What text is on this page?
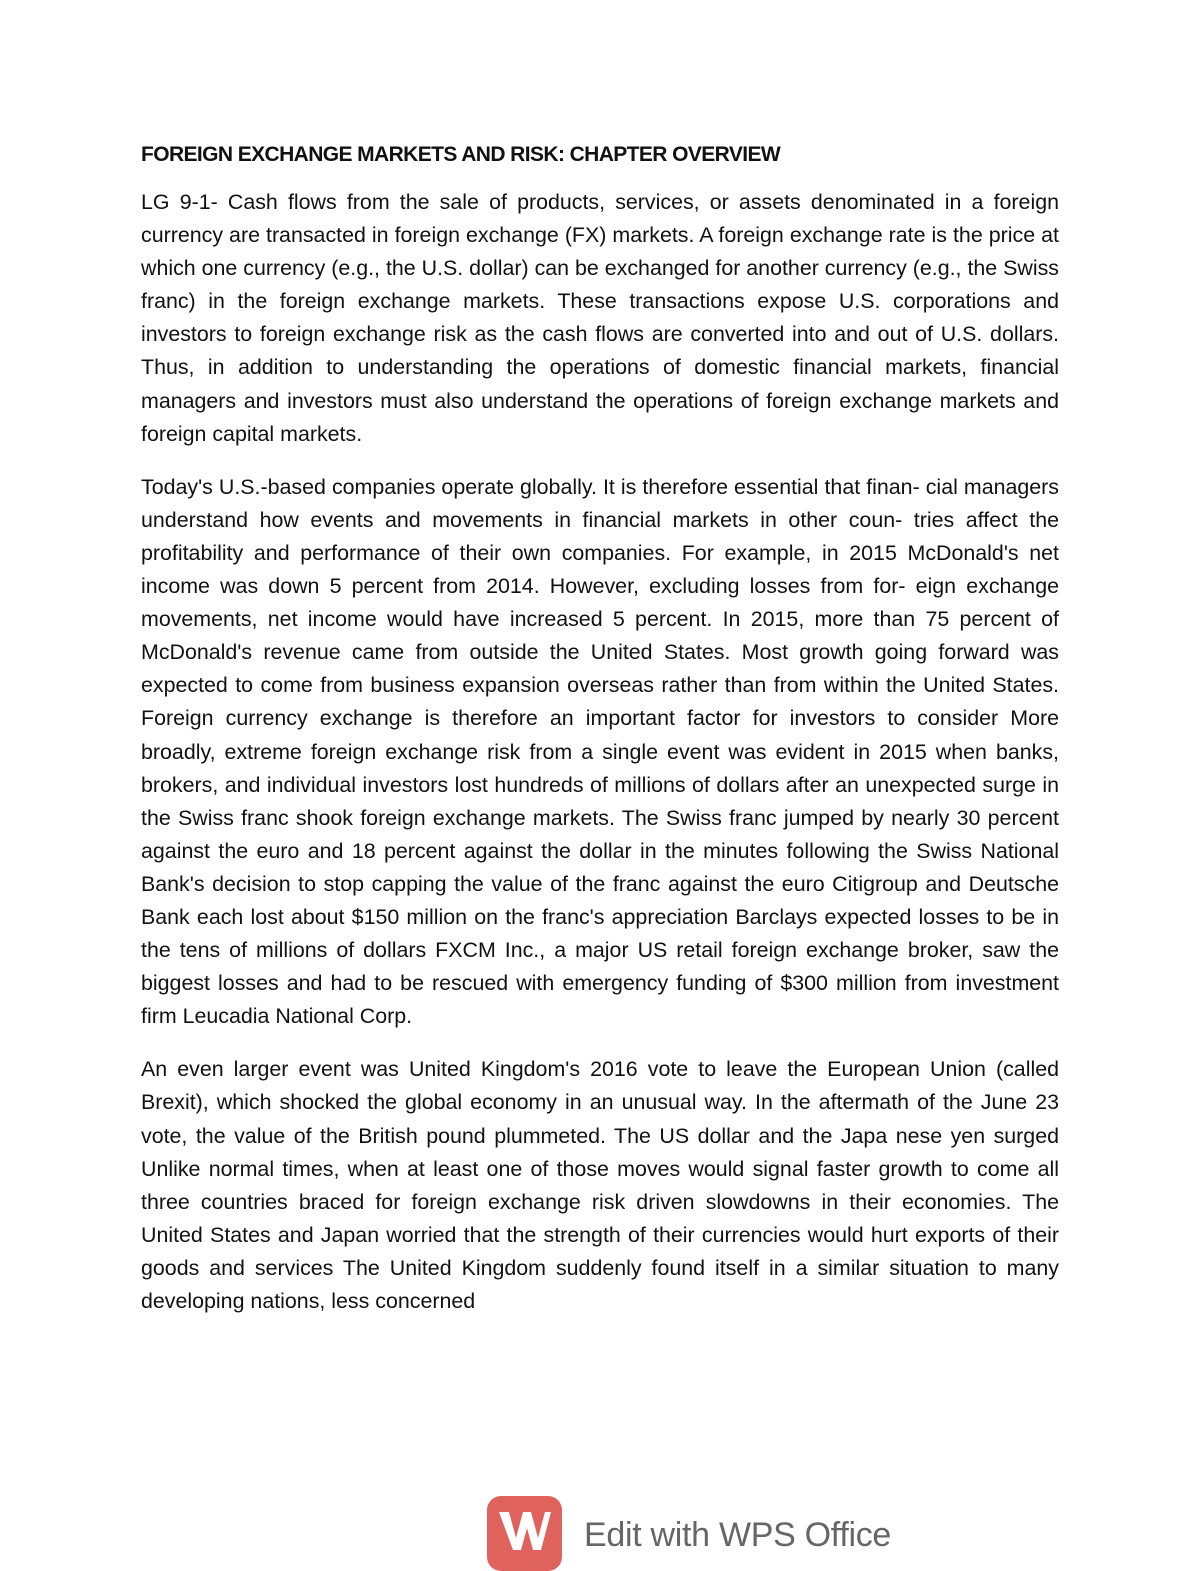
FOREIGN EXCHANGE MARKETS AND RISK: CHAPTER OVERVIEW

LG 9-1- Cash flows from the sale of products, services, or assets denominated in a foreign currency are transacted in foreign exchange (FX) markets. A foreign exchange rate is the price at which one currency (e.g., the U.S. dollar) can be exchanged for another currency (e.g., the Swiss franc) in the foreign exchange markets. These transactions expose U.S. corporations and investors to foreign exchange risk as the cash flows are converted into and out of U.S. dollars. Thus, in addition to understanding the operations of domestic financial markets, financial managers and investors must also understand the operations of foreign exchange markets and foreign capital markets.

Today's U.S.-based companies operate globally. It is therefore essential that finan- cial managers understand how events and movements in financial markets in other coun- tries affect the profitability and performance of their own companies. For example, in 2015 McDonald's net income was down 5 percent from 2014. However, excluding losses from for- eign exchange movements, net income would have increased 5 percent. In 2015, more than 75 percent of McDonald's revenue came from outside the United States. Most growth going forward was expected to come from business expansion overseas rather than from within the United States. Foreign currency exchange is therefore an important factor for investors to consider More broadly, extreme foreign exchange risk from a single event was evident in 2015 when banks, brokers, and individual investors lost hundreds of millions of dollars after an unexpected surge in the Swiss franc shook foreign exchange markets. The Swiss franc jumped by nearly 30 percent against the euro and 18 percent against the dollar in the minutes following the Swiss National Bank's decision to stop capping the value of the franc against the euro Citigroup and Deutsche Bank each lost about $150 million on the franc's appreciation Barclays expected losses to be in the tens of millions of dollars FXCM Inc., a major US retail foreign exchange broker, saw the biggest losses and had to be rescued with emergency funding of $300 million from investment firm Leucadia National Corp.

An even larger event was United Kingdom's 2016 vote to leave the European Union (called Brexit), which shocked the global economy in an unusual way. In the aftermath of the June 23 vote, the value of the British pound plummeted. The US dollar and the Japa nese yen surged Unlike normal times, when at least one of those moves would signal faster growth to come all three countries braced for foreign exchange risk driven slowdowns in their economies. The United States and Japan worried that the strength of their currencies would hurt exports of their goods and services The United Kingdom suddenly found itself in a similar situation to many developing nations, less concerned

Edit with WPS Office
